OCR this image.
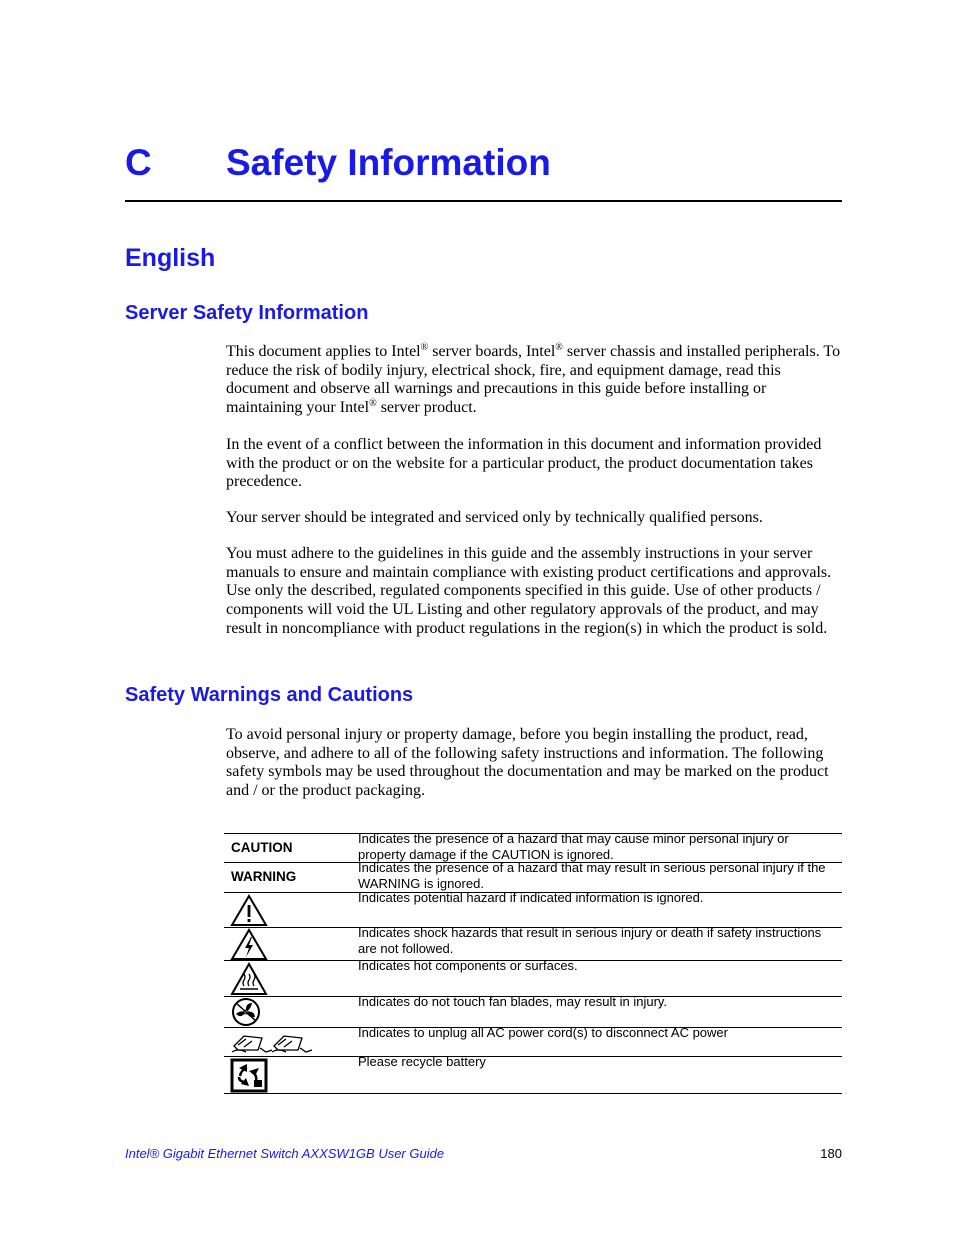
C Safety Information
English
Server Safety Information

This document applies to Intel® server boards, Intel® server chassis and installed peripherals. To reduce the risk of bodily injury, electrical shock, fire, and equipment damage, read this document and observe all warnings and precautions in this guide before installing or maintaining your Intel® server product.

In the event of a conflict between the information in this document and information provided with the product or on the website for a particular product, the product documentation takes precedence.

Your server should be integrated and serviced only by technically qualified persons.

You must adhere to the guidelines in this guide and the assembly instructions in your server manuals to ensure and maintain compliance with existing product certifications and approvals. Use only the described, regulated components specified in this guide. Use of other products / components will void the UL Listing and other regulatory approvals of the product, and may result in noncompliance with product regulations in the region(s) in which the product is sold.

Safety Warnings and Cautions

To avoid personal injury or property damage, before you begin installing the product, read, observe, and adhere to all of the following safety instructions and information. The following safety symbols may be used throughout the documentation and may be marked on the product and / or the product packaging.

CAUTION
Indicates the presence of a hazard that may cause minor personal injury or property damage if the CAUTION is ignored.
WARNING
Indicates the presence of a hazard that may result in serious personal injury if the WARNING is ignored.
Indicates potential hazard if indicated information is ignored.
Indicates shock hazards that result in serious injury or death if safety instructions are not followed.
Indicates hot components or surfaces.
Indicates do not touch fan blades, may result in injury.
Indicates to unplug all AC power cord(s) to disconnect AC power
Please recycle battery
Intel® Gigabit Ethernet Switch AXXSW1GB User Guide	180
